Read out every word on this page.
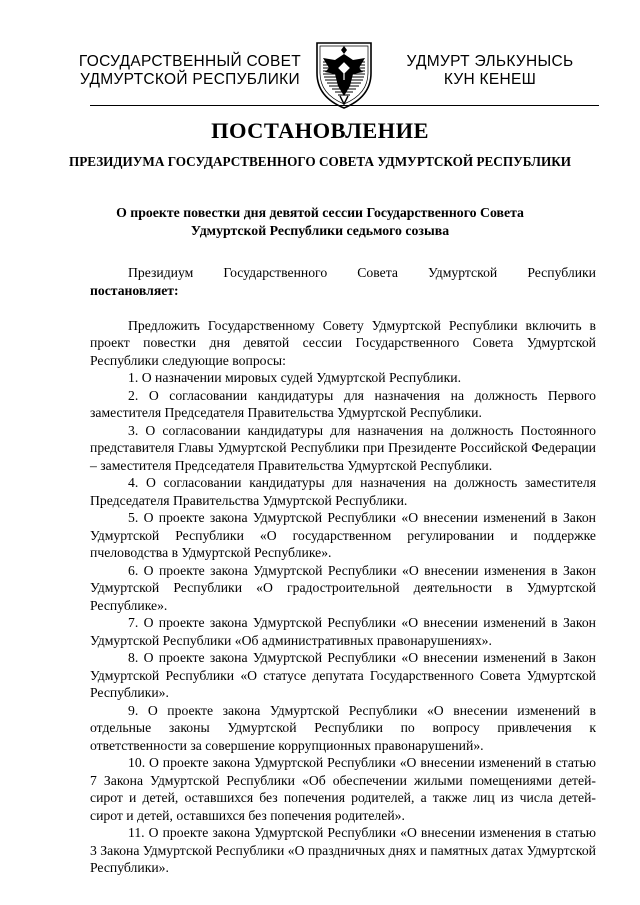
ГОСУДАРСТВЕННЫЙ СОВЕТ
УДМУРТСКОЙ РЕСПУБЛИКИ
УДМУРТ ЭЛЬКУНЫСЬ
КУН КЕНЕШ
ПОСТАНОВЛЕНИЕ
ПРЕЗИДИУМА ГОСУДАРСТВЕННОГО СОВЕТА УДМУРТСКОЙ РЕСПУБЛИКИ
О проекте повестки дня девятой сессии Государственного Совета
Удмуртской Республики седьмого созыва

Президиум Государственного Совета Удмуртской Республики

постановляет:

Предложить Государственному Совету Удмуртской Республики включить в проект повестки дня девятой сессии Государственного Совета Удмуртской Республики следующие вопросы:

1. О назначении мировых судей Удмуртской Республики.

2. О согласовании кандидатуры для назначения на должность Первого заместителя Председателя Правительства Удмуртской Республики.

3. О согласовании кандидатуры для назначения на должность Постоянного представителя Главы Удмуртской Республики при Президенте Российской Федерации – заместителя Председателя Правительства Удмуртской Республики.

4. О согласовании кандидатуры для назначения на должность заместителя Председателя Правительства Удмуртской Республики.

5. О проекте закона Удмуртской Республики «О внесении изменений в Закон Удмуртской Республики «О государственном регулировании и поддержке пчеловодства в Удмуртской Республике».

6. О проекте закона Удмуртской Республики «О внесении изменения в Закон Удмуртской Республики «О градостроительной деятельности в Удмуртской Республике».

7. О проекте закона Удмуртской Республики «О внесении изменений в Закон Удмуртской Республики «Об административных правонарушениях».

8. О проекте закона Удмуртской Республики «О внесении изменений в Закон Удмуртской Республики «О статусе депутата Государственного Совета Удмуртской Республики».

9. О проекте закона Удмуртской Республики «О внесении изменений в отдельные законы Удмуртской Республики по вопросу привлечения к ответственности за совершение коррупционных правонарушений».

10. О проекте закона Удмуртской Республики «О внесении изменений в статью 7 Закона Удмуртской Республики «Об обеспечении жилыми помещениями детей-сирот и детей, оставшихся без попечения родителей, а также лиц из числа детей-сирот и детей, оставшихся без попечения родителей».

11. О проекте закона Удмуртской Республики «О внесении изменения в статью 3 Закона Удмуртской Республики «О праздничных днях и памятных датах Удмуртской Республики».
